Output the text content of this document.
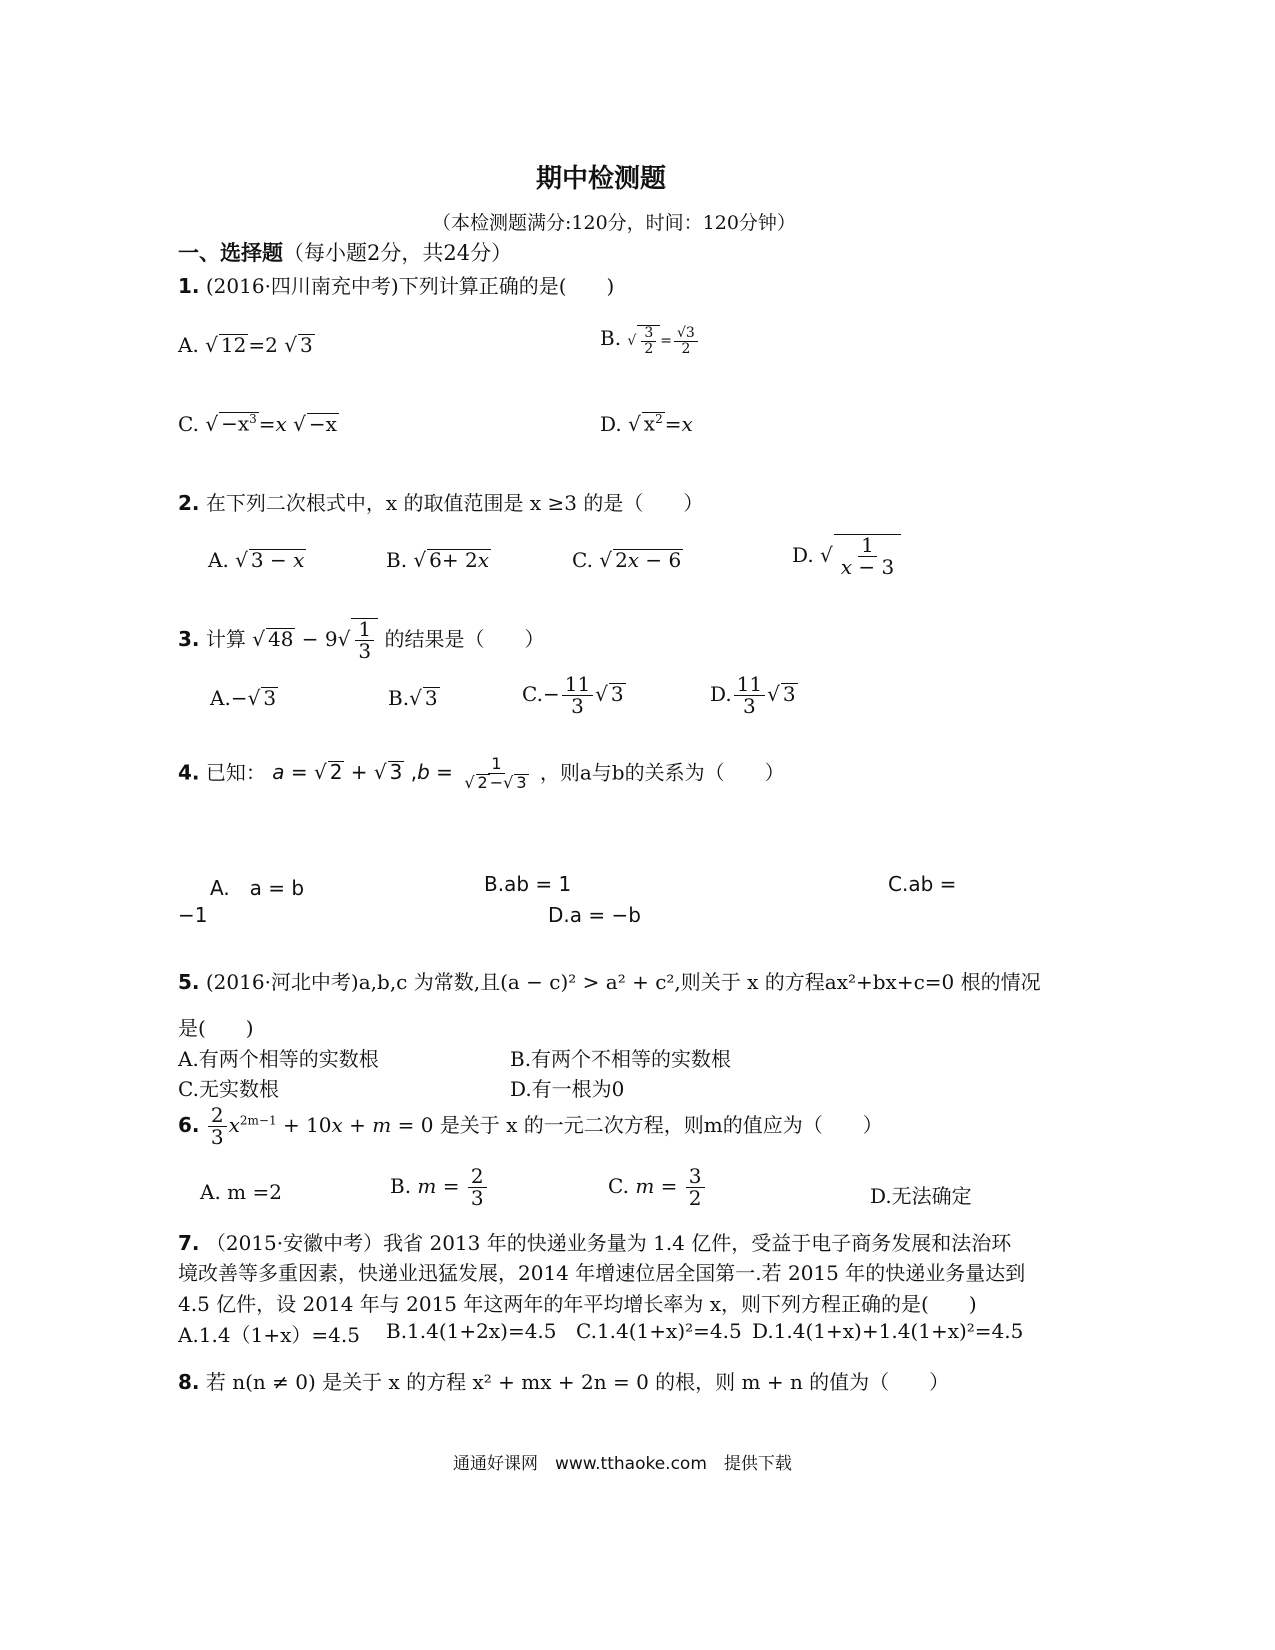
期中检测题
（本检测题满分:120分，时间：120分钟）
一、选择题（每小题2分，共24分）
1. (2016·四川南充中考)下列计算正确的是(　　)
A. √ 12 =2 √ 3	B. √ $\frac{3}{2} = \frac{√3}{2}$
C. √ $-x^3 =x$ √ −x	D. √ $x^2 =x$
2. 在下列二次根式中，x 的取值范围是 x ≥3 的是（　　）
A. √ 3 − x	B. √ 6+ 2x	C. √ 2x − 6	D. √ $\frac{1}{x - 3}$
3. 计算 √ $48 - 9√ \frac{1}{3}$ 的结果是（　　）
A.−√ 3	B.√ 3	$C.- \frac{11}{3}$ √ 3	D. $\frac{11}{3}$ √ 3
4. 已知： a = √ 2 + √ 3 $,b = \frac{1}{√ 2 -√ 3}$ ，则a与b的关系为（　　）
A.　a = b	B.ab = 1	C.ab =
−1	D.a = −b
5. (2016·河北中考)a,b,c 为常数,且(a − c)² > a² + c²,则关于 x 的方程ax²+bx+c=0 根的情况
是(　　)
A.有两个相等的实数根	B.有两个不相等的实数根
C.无实数根	D.有一根为0
6. $\frac{2}{3} x^{2m-1} + 10x + m = 0$ 是关于 x 的一元二次方程，则m的值应为（　　）
A. m =2	B. $m = \frac{2}{3}$	C. $m = \frac{3}{2}$	D.无法确定
7. （2015·安徽中考）我省 2013 年的快递业务量为 1.4 亿件，受益于电子商务发展和法治环
境改善等多重因素，快递业迅猛发展，2014 年增速位居全国第一.若 2015 年的快递业务量达到
4.5 亿件，设 2014 年与 2015 年这两年的年平均增长率为 x，则下列方程正确的是(　　)
A.1.4（1+x）=4.5 B.1.4(1+2x)=4.5 C.1.4(1+x)²=4.5 D.1.4(1+x)+1.4(1+x)²=4.5
8. 若 n(n ≠ 0) 是关于 x 的方程 x² + mx + 2n = 0 的根，则 m + n 的值为（　　）
通通好课网　www.tthaoke.com　提供下载
